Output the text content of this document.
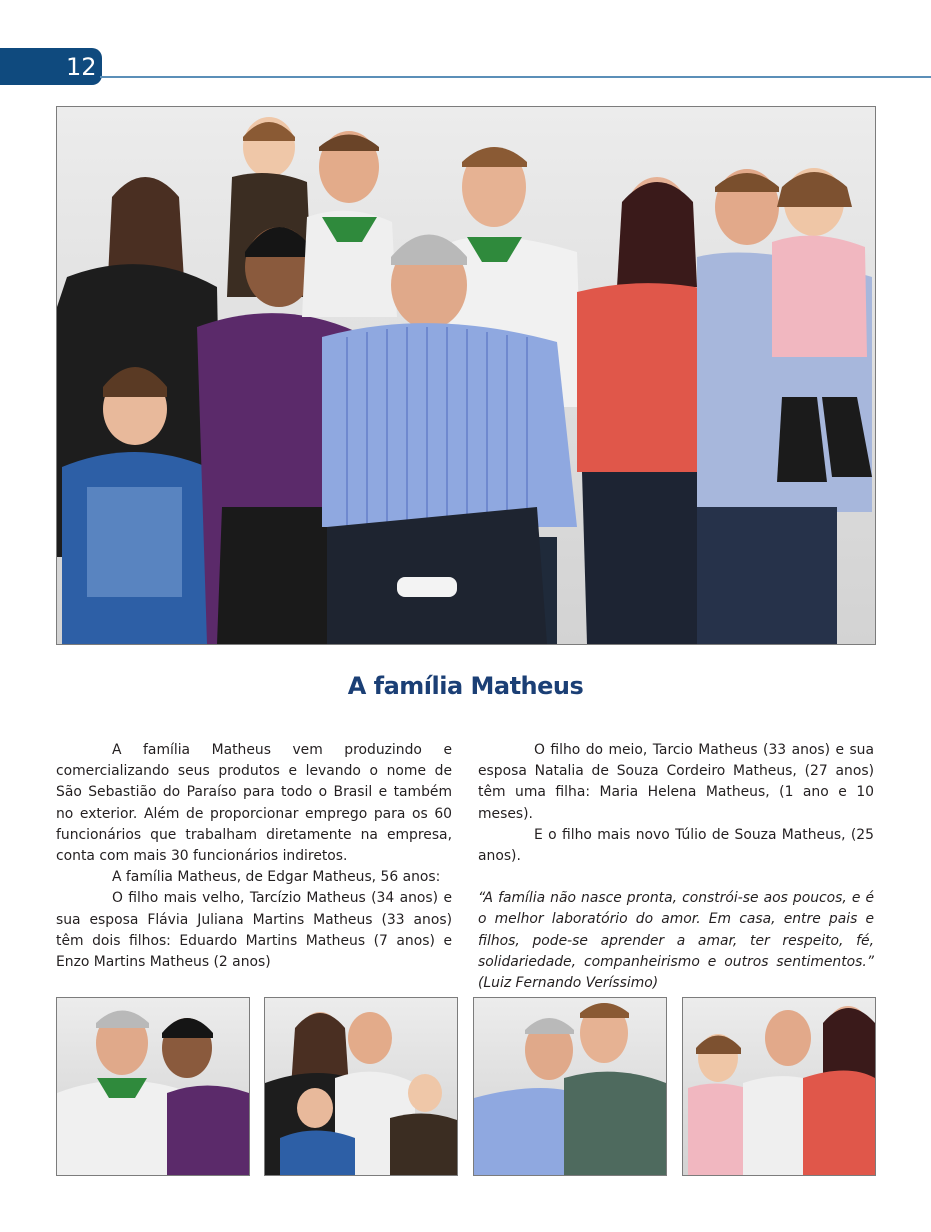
12
A família Matheus

A família Matheus vem produzindo e comercializando seus produtos e levando o nome de São Sebastião do Paraíso para todo o Brasil e também no exterior. Além de proporcionar emprego para os 60 funcionários que trabalham diretamente na empresa, conta com mais 30 funcionários indiretos.

A família Matheus, de Edgar Matheus, 56 anos:

O filho mais velho, Tarcízio Matheus (34 anos) e sua esposa Flávia Juliana Martins Matheus (33 anos) têm dois filhos: Eduardo Martins Matheus (7 anos) e Enzo Martins Matheus (2 anos)

O filho do meio, Tarcio Matheus (33 anos) e sua esposa Natalia de Souza Cordeiro Matheus, (27 anos) têm uma filha: Maria Helena Matheus, (1 ano e 10 meses).

E o filho mais novo Túlio de Souza Matheus, (25 anos).

“A família não nasce pronta, constrói-se aos poucos, e é o melhor laboratório do amor. Em casa, entre pais e filhos, pode-se aprender a amar, ter respeito, fé, solidariedade, companheirismo e outros sentimentos.” (Luiz Fernando Veríssimo)
